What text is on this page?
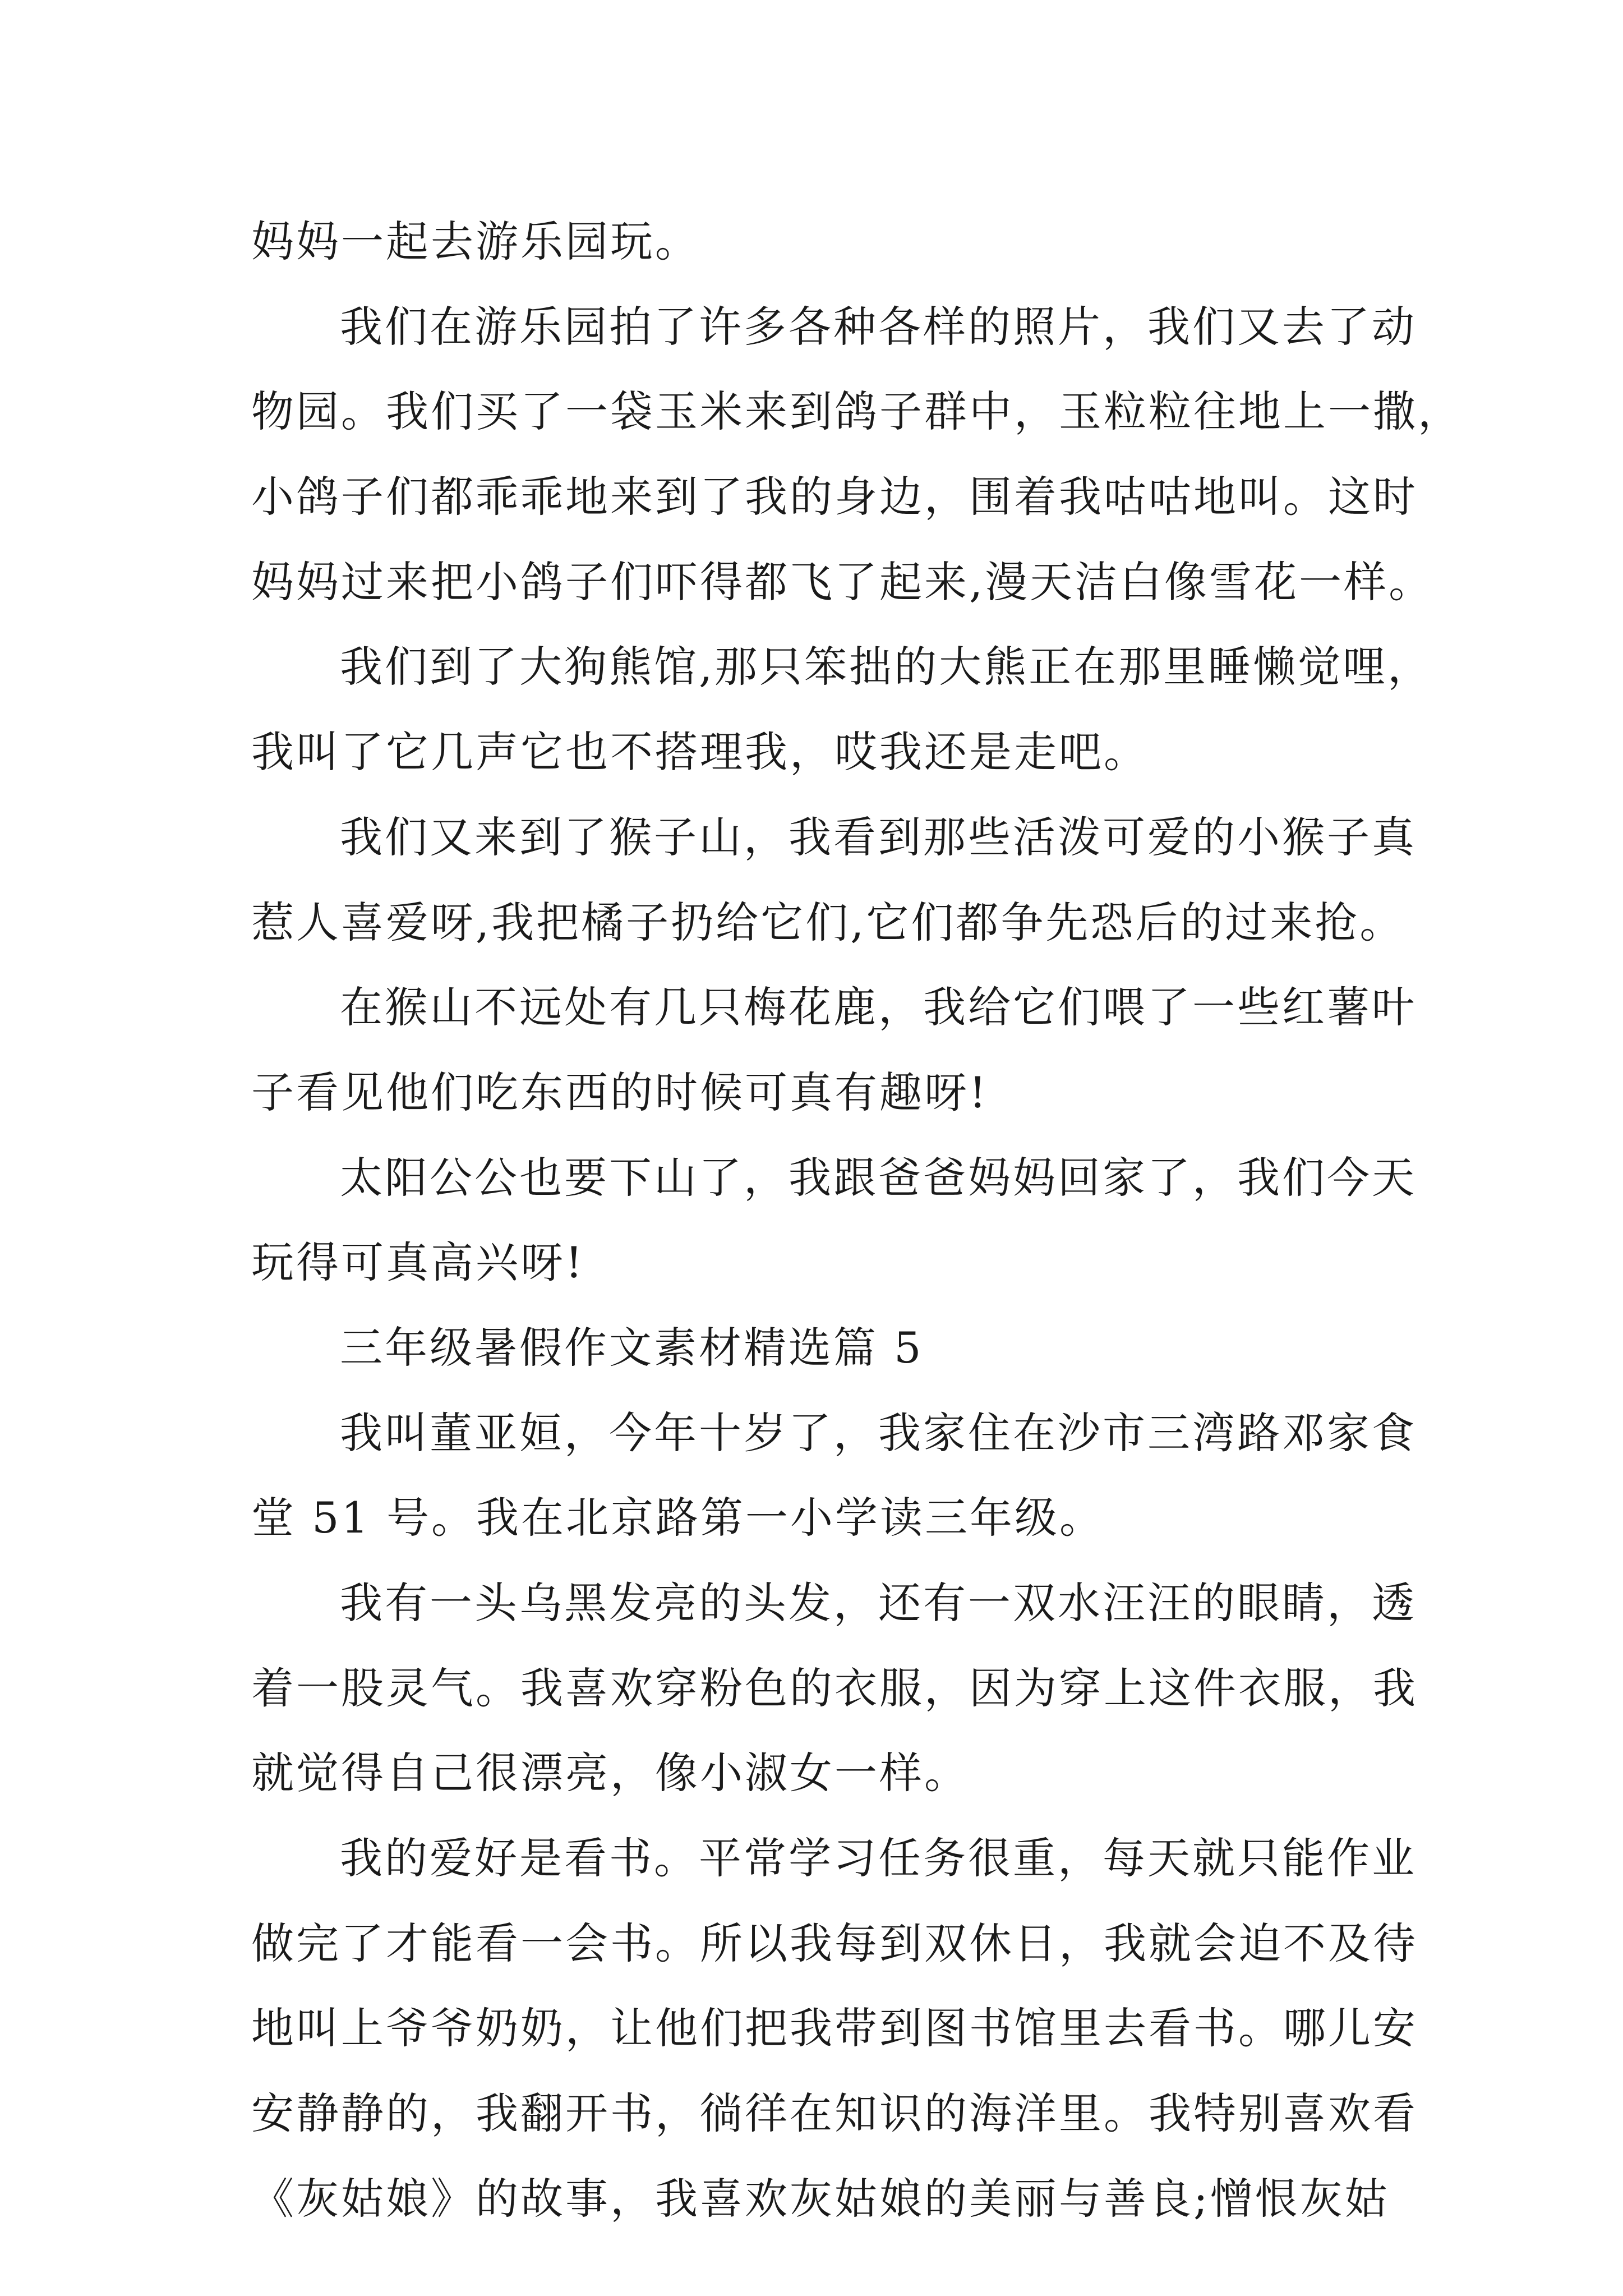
妈妈一起去游乐园玩。
我们在游乐园拍了许多各种各样的照片，我们又去了动
物园。我们买了一袋玉米来到鸽子群中，玉粒粒往地上一撒，
小鸽子们都乖乖地来到了我的身边，围着我咕咕地叫。这时
妈妈过来把小鸽子们吓得都飞了起来,漫天洁白像雪花一样。
我们到了大狗熊馆,那只笨拙的大熊正在那里睡懒觉哩，
我叫了它几声它也不搭理我，哎我还是走吧。
我们又来到了猴子山，我看到那些活泼可爱的小猴子真
惹人喜爱呀,我把橘子扔给它们,它们都争先恐后的过来抢。
在猴山不远处有几只梅花鹿，我给它们喂了一些红薯叶
子看见他们吃东西的时候可真有趣呀!
太阳公公也要下山了，我跟爸爸妈妈回家了，我们今天
玩得可真高兴呀!
三年级暑假作文素材精选篇 5
我叫董亚姮，今年十岁了，我家住在沙市三湾路邓家食
堂 51 号。我在北京路第一小学读三年级。
我有一头乌黑发亮的头发，还有一双水汪汪的眼睛，透
着一股灵气。我喜欢穿粉色的衣服，因为穿上这件衣服，我
就觉得自己很漂亮，像小淑女一样。
我的爱好是看书。平常学习任务很重，每天就只能作业
做完了才能看一会书。所以我每到双休日，我就会迫不及待
地叫上爷爷奶奶，让他们把我带到图书馆里去看书。哪儿安
安静静的，我翻开书，徜徉在知识的海洋里。我特别喜欢看
《灰姑娘》的故事，我喜欢灰姑娘的美丽与善良;憎恨灰姑
